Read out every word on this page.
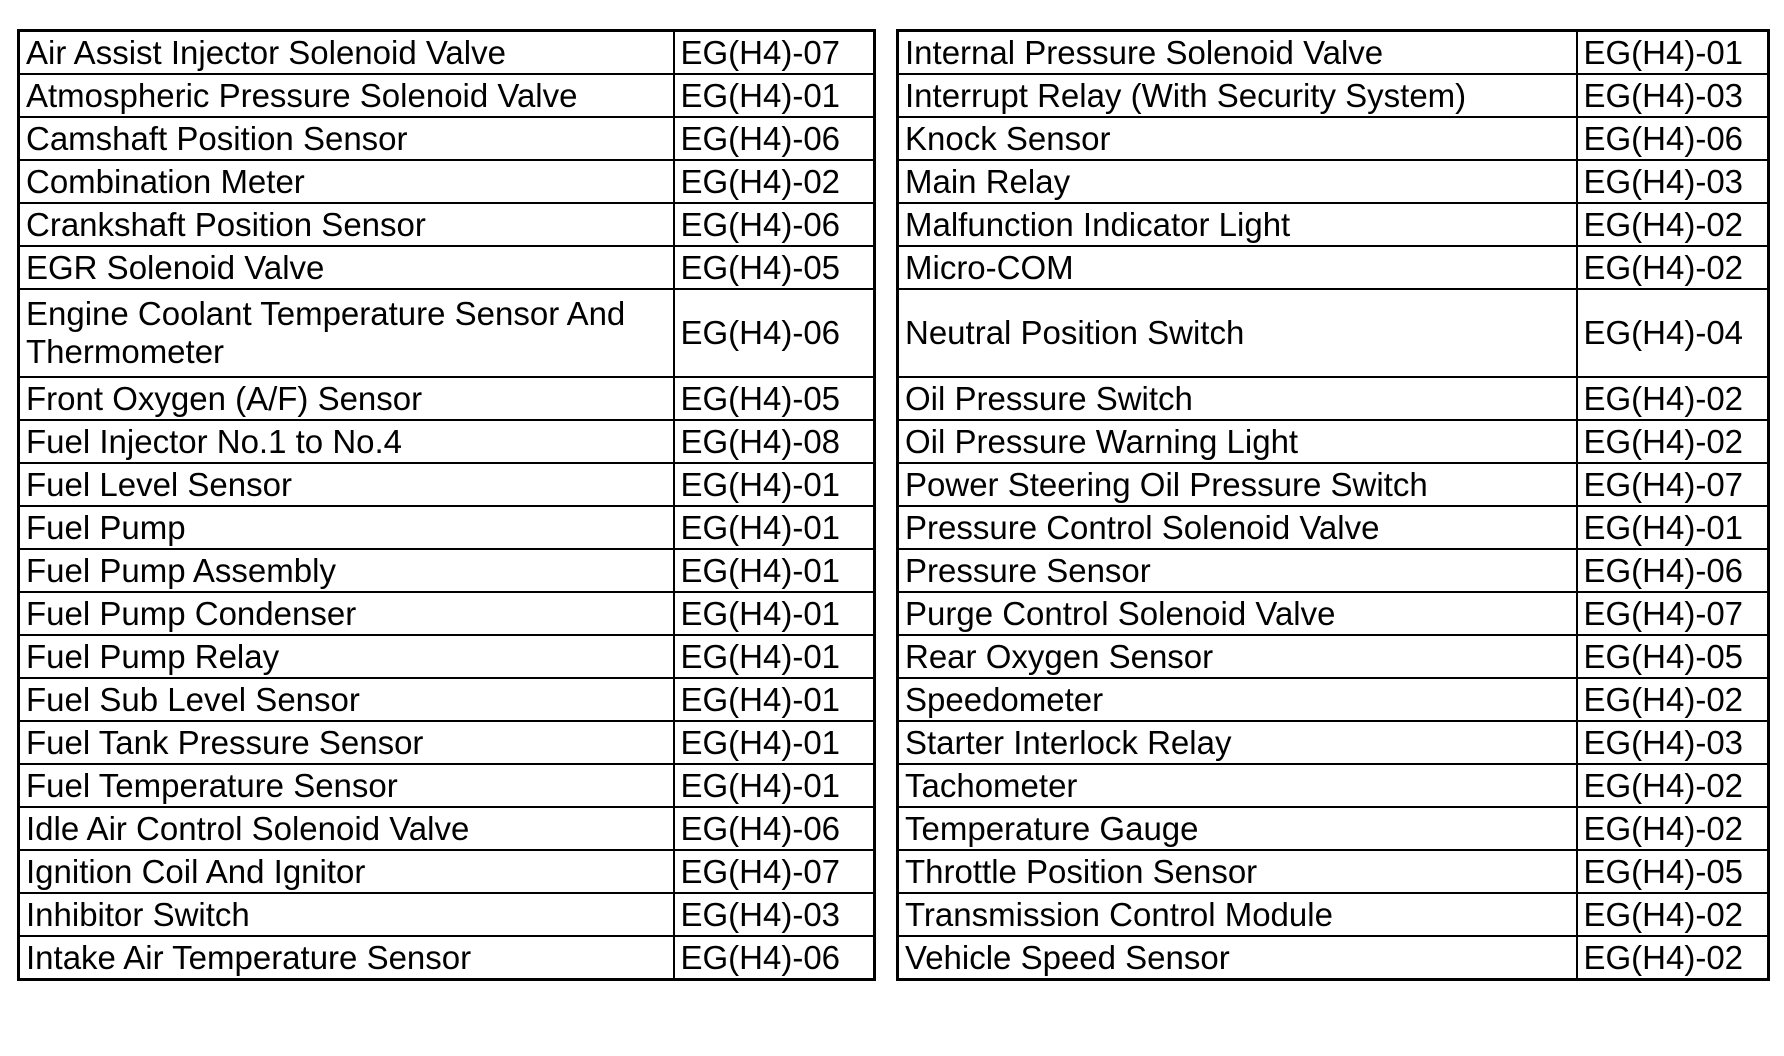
Air Assist Injector Solenoid Valve	EG(H4)-07
Atmospheric Pressure Solenoid Valve	EG(H4)-01
Camshaft Position Sensor	EG(H4)-06
Combination Meter	EG(H4)-02
Crankshaft Position Sensor	EG(H4)-06
EGR Solenoid Valve	EG(H4)-05
Engine Coolant Temperature Sensor And Thermometer	EG(H4)-06
Front Oxygen (A/F) Sensor	EG(H4)-05
Fuel Injector No.1 to No.4	EG(H4)-08
Fuel Level Sensor	EG(H4)-01
Fuel Pump	EG(H4)-01
Fuel Pump Assembly	EG(H4)-01
Fuel Pump Condenser	EG(H4)-01
Fuel Pump Relay	EG(H4)-01
Fuel Sub Level Sensor	EG(H4)-01
Fuel Tank Pressure Sensor	EG(H4)-01
Fuel Temperature Sensor	EG(H4)-01
Idle Air Control Solenoid Valve	EG(H4)-06
Ignition Coil And Ignitor	EG(H4)-07
Inhibitor Switch	EG(H4)-03
Intake Air Temperature Sensor	EG(H4)-06
Internal Pressure Solenoid Valve	EG(H4)-01
Interrupt Relay (With Security System)	EG(H4)-03
Knock Sensor	EG(H4)-06
Main Relay	EG(H4)-03
Malfunction Indicator Light	EG(H4)-02
Micro-COM	EG(H4)-02
Neutral Position Switch	EG(H4)-04
Oil Pressure Switch	EG(H4)-02
Oil Pressure Warning Light	EG(H4)-02
Power Steering Oil Pressure Switch	EG(H4)-07
Pressure Control Solenoid Valve	EG(H4)-01
Pressure Sensor	EG(H4)-06
Purge Control Solenoid Valve	EG(H4)-07
Rear Oxygen Sensor	EG(H4)-05
Speedometer	EG(H4)-02
Starter Interlock Relay	EG(H4)-03
Tachometer	EG(H4)-02
Temperature Gauge	EG(H4)-02
Throttle Position Sensor	EG(H4)-05
Transmission Control Module	EG(H4)-02
Vehicle Speed Sensor	EG(H4)-02
